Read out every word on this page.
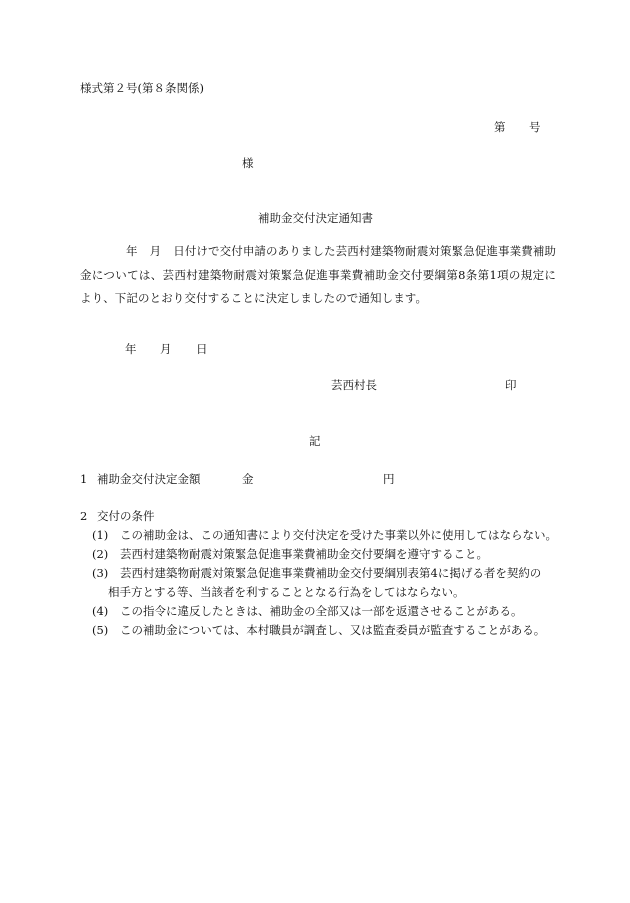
様式第２号(第８条関係)
第 号
様
補助金交付決定通知書
年 月 日付けで交付申請のありました芸西村建築物耐震対策緊急促進事業費補助金については、芸西村建築物耐震対策緊急促進事業費補助金交付要綱第8条第1項の規定により、下記のとおり交付することに決定しましたので通知します。
年 月 日
芸西村長	印
記
1 補助金交付決定金額	金	円
2 交付の条件
(1) この補助金は、この通知書により交付決定を受けた事業以外に使用してはならない。
(2) 芸西村建築物耐震対策緊急促進事業費補助金交付要綱を遵守すること。
(3) 芸西村建築物耐震対策緊急促進事業費補助金交付要綱別表第4に掲げる者を契約の
相手方とする等、当該者を利することとなる行為をしてはならない。
(4) この指令に違反したときは、補助金の全部又は一部を返還させることがある。
(5) この補助金については、本村職員が調査し、又は監査委員が監査することがある。
